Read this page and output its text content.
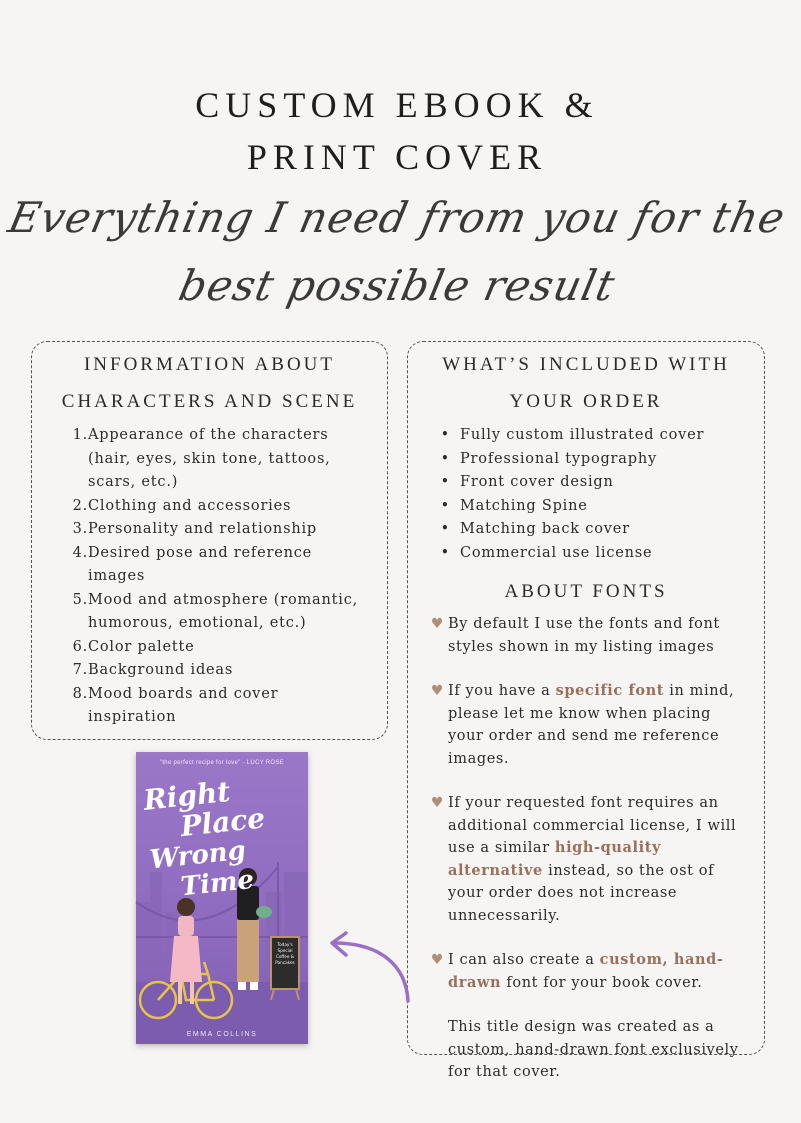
CUSTOM EBOOK &
PRINT COVER
Everything I need from you for the
best possible result
INFORMATION ABOUT
CHARACTERS AND SCENE
1. Appearance of the characters
(hair, eyes, skin tone, tattoos,
scars, etc.)
2. Clothing and accessories
3. Personality and relationship
4. Desired pose and reference
images
5. Mood and atmosphere (romantic,
humorous, emotional, etc.)
6. Color palette
7. Background ideas
8. Mood boards and cover
inspiration
WHAT’S INCLUDED WITH
YOUR ORDER
• Fully custom illustrated cover
• Professional typography
• Front cover design
• Matching Spine
• Matching back cover
• Commercial use license
ABOUT FONTS
♥ By default I use the fonts and font styles shown in my listing images
♥ If you have a specific font in mind, please let me know when placing your order and send me reference images.
♥ If your requested font requires an additional commercial license, I will use a similar high-quality alternative instead, so the ost of your order does not increase unnecessarily.
♥ I can also create a custom, hand-drawn font for your book cover.
This title design was created as a custom, hand-drawn font exclusively for that cover.
"the perfect recipe for love" - LUCY ROSE
Right
Place
Wrong
Time
Today's Special Coffee & Pancakes
EMMA COLLINS
